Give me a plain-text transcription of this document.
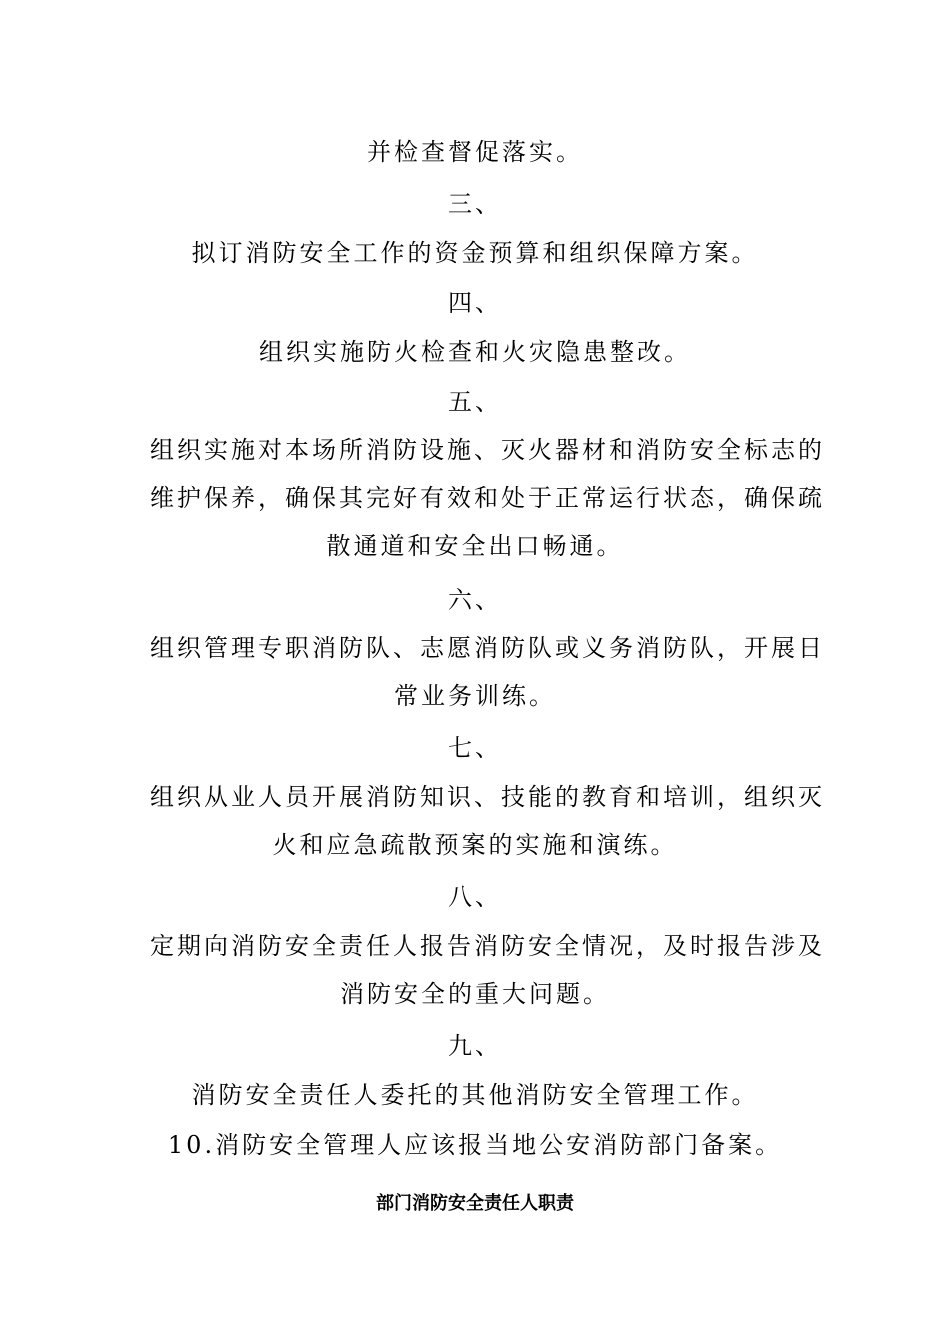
并检查督促落实。
三、
拟订消防安全工作的资金预算和组织保障方案。
四、
组织实施防火检查和火灾隐患整改。
五、
组织实施对本场所消防设施、灭火器材和消防安全标志的
维护保养，确保其完好有效和处于正常运行状态，确保疏
散通道和安全出口畅通。
六、
组织管理专职消防队、志愿消防队或义务消防队，开展日
常业务训练。
七、
组织从业人员开展消防知识、技能的教育和培训，组织灭
火和应急疏散预案的实施和演练。
八、
定期向消防安全责任人报告消防安全情况，及时报告涉及
消防安全的重大问题。
九、
消防安全责任人委托的其他消防安全管理工作。
10.消防安全管理人应该报当地公安消防部门备案。
部门消防安全责任人职责
